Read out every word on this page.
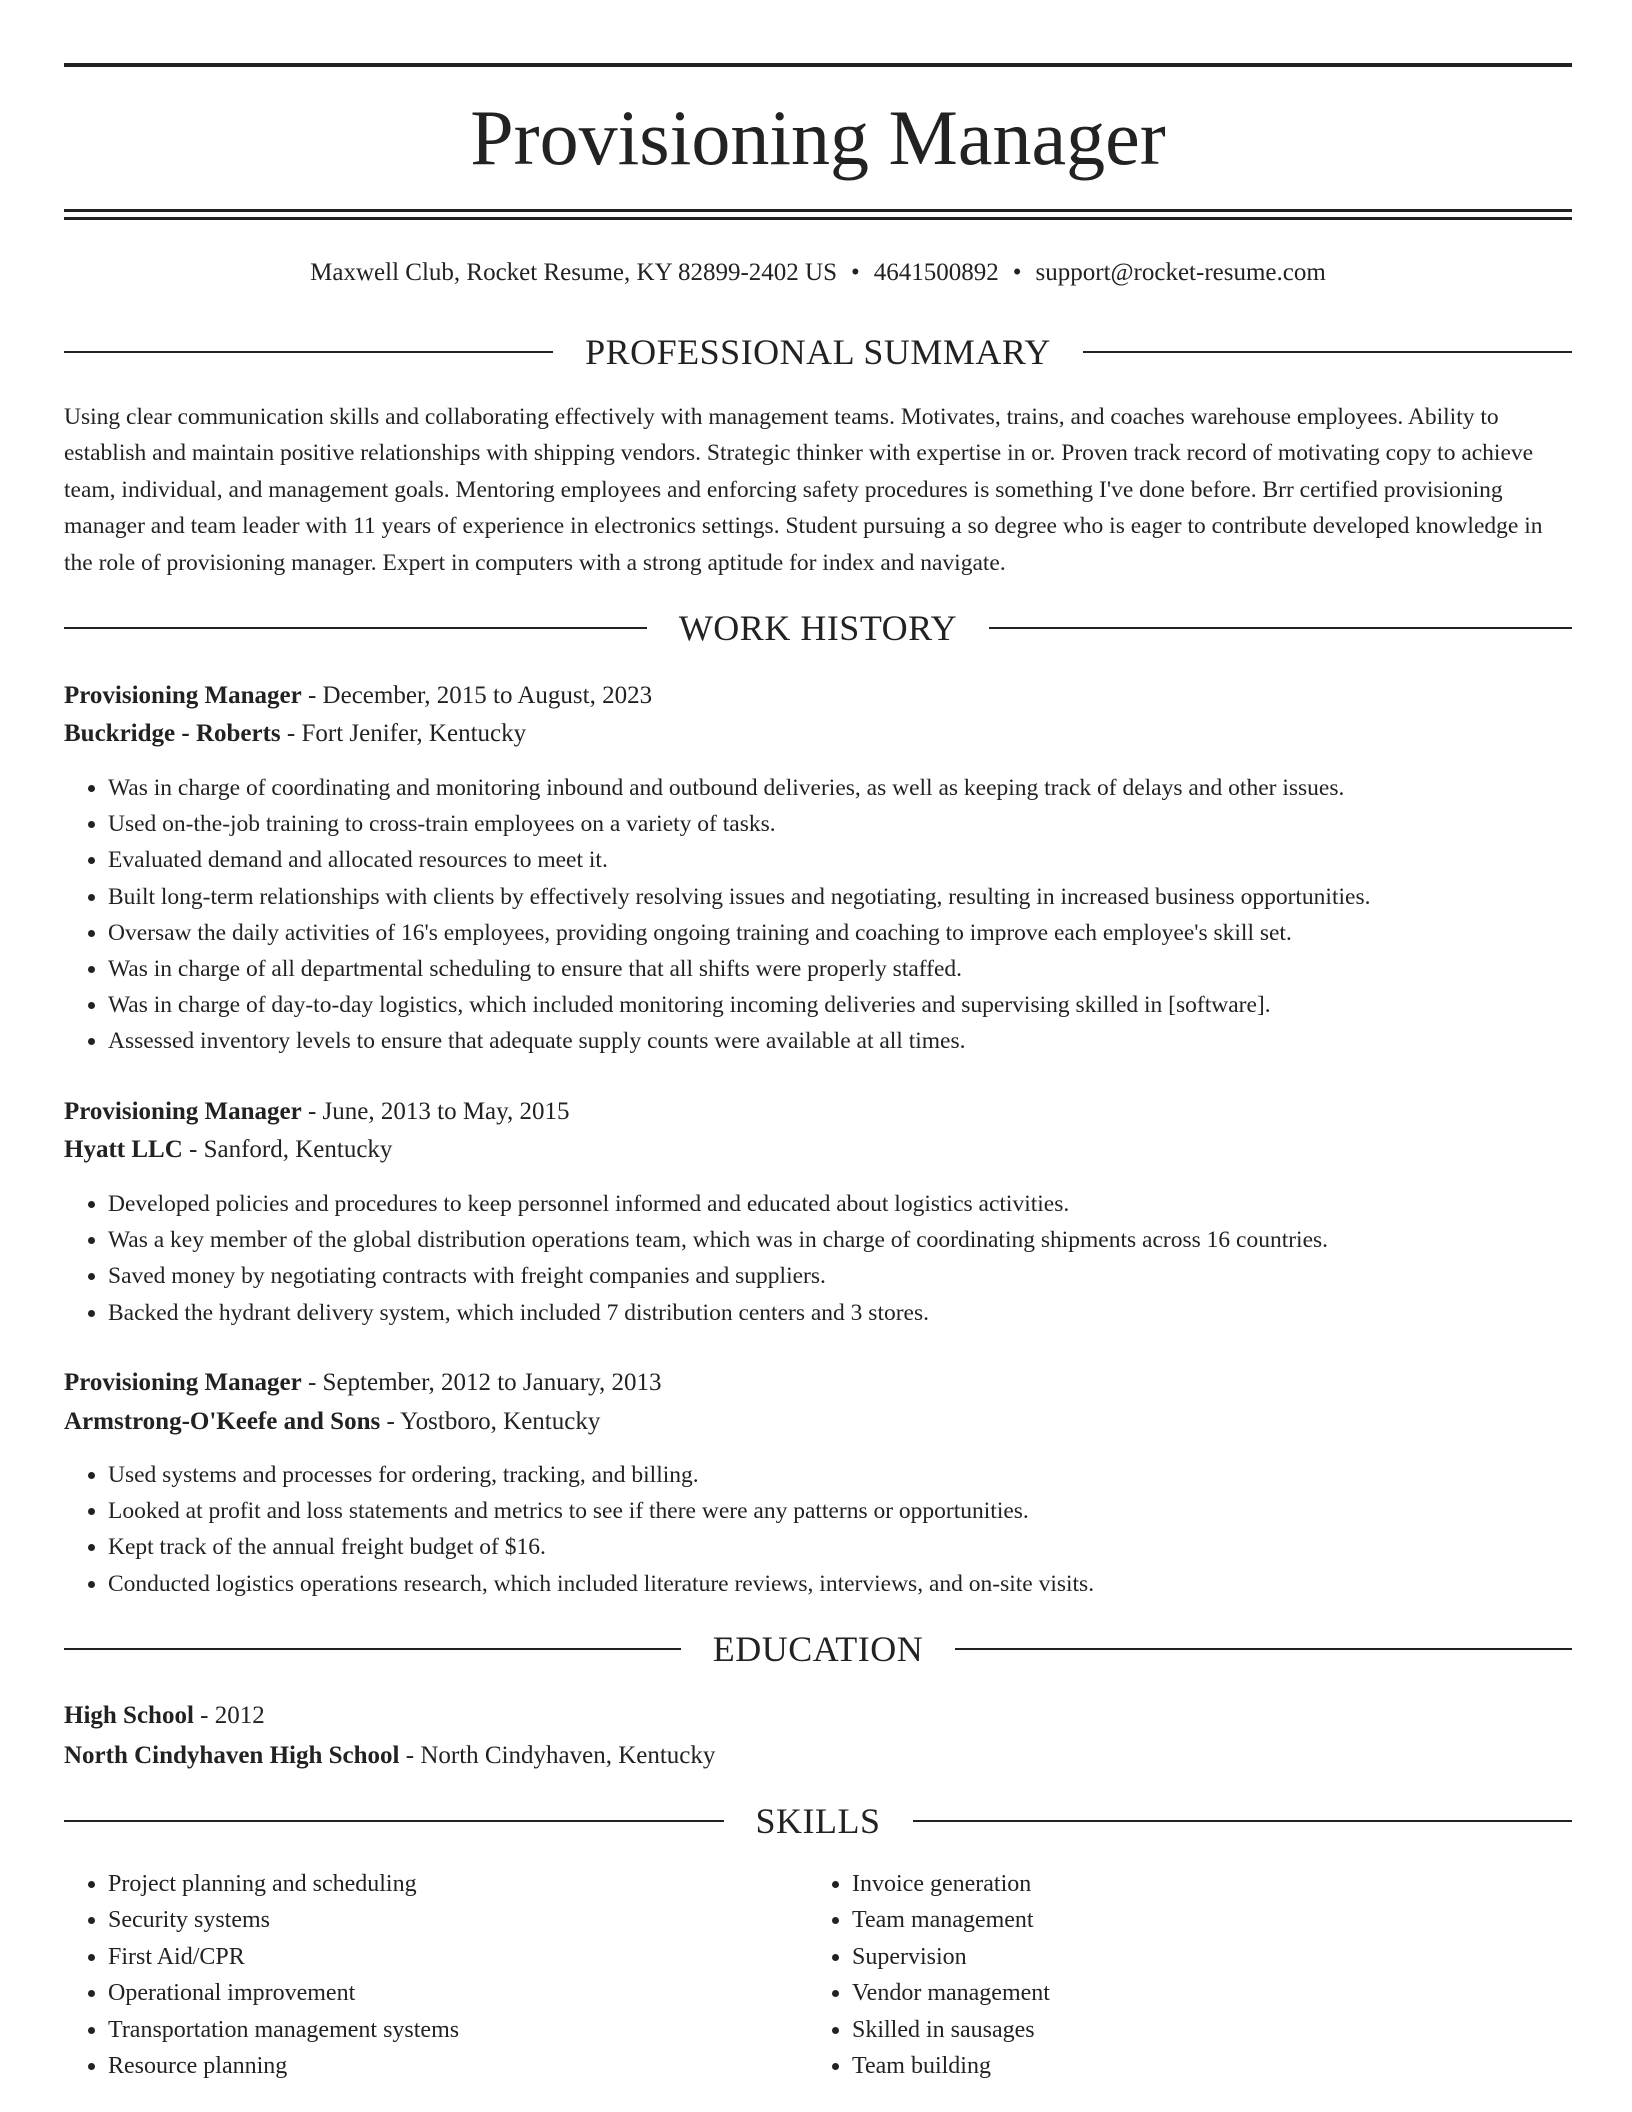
Provisioning Manager
Maxwell Club, Rocket Resume, KY 82899-2402 US • 4641500892 • support@rocket-resume.com
PROFESSIONAL SUMMARY

Using clear communication skills and collaborating effectively with management teams. Motivates, trains, and coaches warehouse employees. Ability to establish and maintain positive relationships with shipping vendors. Strategic thinker with expertise in or. Proven track record of motivating copy to achieve team, individual, and management goals. Mentoring employees and enforcing safety procedures is something I've done before. Brr certified provisioning manager and team leader with 11 years of experience in electronics settings. Student pursuing a so degree who is eager to contribute developed knowledge in the role of provisioning manager. Expert in computers with a strong aptitude for index and navigate.

WORK HISTORY
Provisioning Manager - December, 2015 to August, 2023
Buckridge - Roberts - Fort Jenifer, Kentucky
• Was in charge of coordinating and monitoring inbound and outbound deliveries, as well as keeping track of delays and other issues.
• Used on-the-job training to cross-train employees on a variety of tasks.
• Evaluated demand and allocated resources to meet it.
• Built long-term relationships with clients by effectively resolving issues and negotiating, resulting in increased business opportunities.
• Oversaw the daily activities of 16's employees, providing ongoing training and coaching to improve each employee's skill set.
• Was in charge of all departmental scheduling to ensure that all shifts were properly staffed.
• Was in charge of day-to-day logistics, which included monitoring incoming deliveries and supervising skilled in [software].
• Assessed inventory levels to ensure that adequate supply counts were available at all times.
Provisioning Manager - June, 2013 to May, 2015
Hyatt LLC - Sanford, Kentucky
• Developed policies and procedures to keep personnel informed and educated about logistics activities.
• Was a key member of the global distribution operations team, which was in charge of coordinating shipments across 16 countries.
• Saved money by negotiating contracts with freight companies and suppliers.
• Backed the hydrant delivery system, which included 7 distribution centers and 3 stores.
Provisioning Manager - September, 2012 to January, 2013
Armstrong-O'Keefe and Sons - Yostboro, Kentucky
• Used systems and processes for ordering, tracking, and billing.
• Looked at profit and loss statements and metrics to see if there were any patterns or opportunities.
• Kept track of the annual freight budget of $16.
• Conducted logistics operations research, which included literature reviews, interviews, and on-site visits.
EDUCATION
High School - 2012
North Cindyhaven High School - North Cindyhaven, Kentucky
SKILLS
• Project planning and scheduling
• Security systems
• First Aid/CPR
• Operational improvement
• Transportation management systems
• Resource planning
• Invoice generation
• Team management
• Supervision
• Vendor management
• Skilled in sausages
• Team building
